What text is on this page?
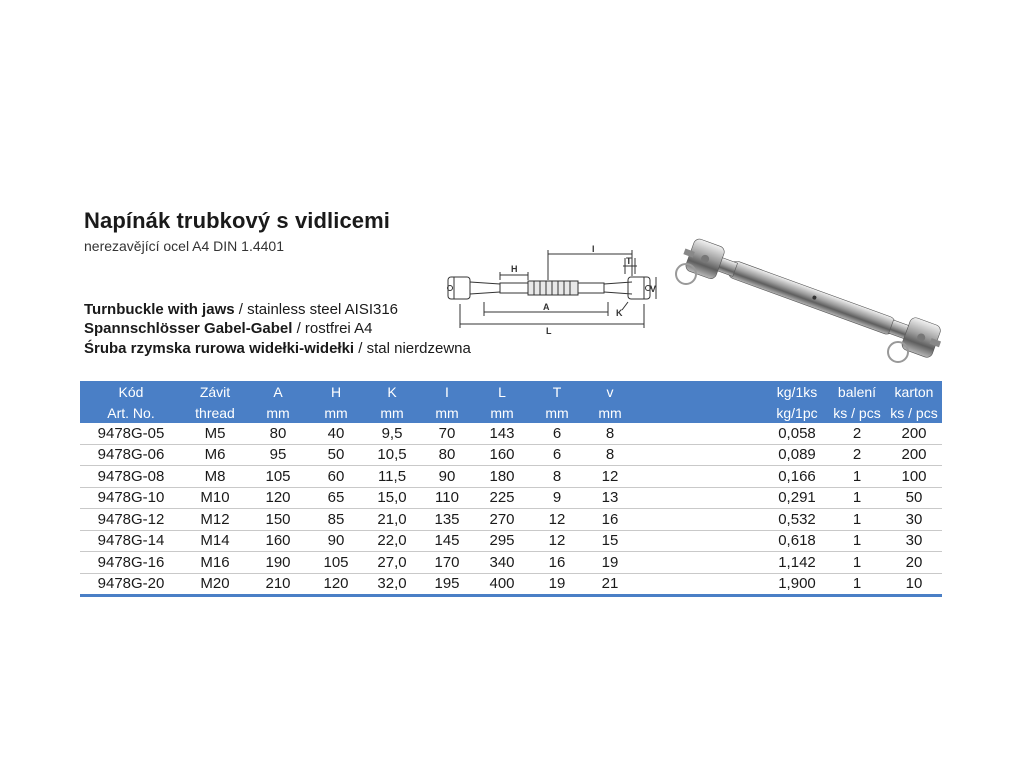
Napínák trubkový s vidlicemi
nerezavějící ocel A4 DIN 1.4401
Turnbuckle with jaws / stainless steel AISI316
Spannschlösser Gabel-Gabel / rostfrei A4
Śruba rzymska rurowa widełki-widełki / stal nierdzewna
I
T
H
V
A
K
L
Kód	Závit	A	H	K	I	L	T	v		kg/1ks	balení	karton
Art. No.	thread	mm	mm	mm	mm	mm	mm	mm		kg/1pc	ks / pcs	ks / pcs
9478G-05	M5	80	40	9,5	70	143	6	8		0,058	2	200
9478G-06	M6	95	50	10,5	80	160	6	8		0,089	2	200
9478G-08	M8	105	60	11,5	90	180	8	12		0,166	1	100
9478G-10	M10	120	65	15,0	110	225	9	13		0,291	1	50
9478G-12	M12	150	85	21,0	135	270	12	16		0,532	1	30
9478G-14	M14	160	90	22,0	145	295	12	15		0,618	1	30
9478G-16	M16	190	105	27,0	170	340	16	19		1,142	1	20
9478G-20	M20	210	120	32,0	195	400	19	21		1,900	1	10
